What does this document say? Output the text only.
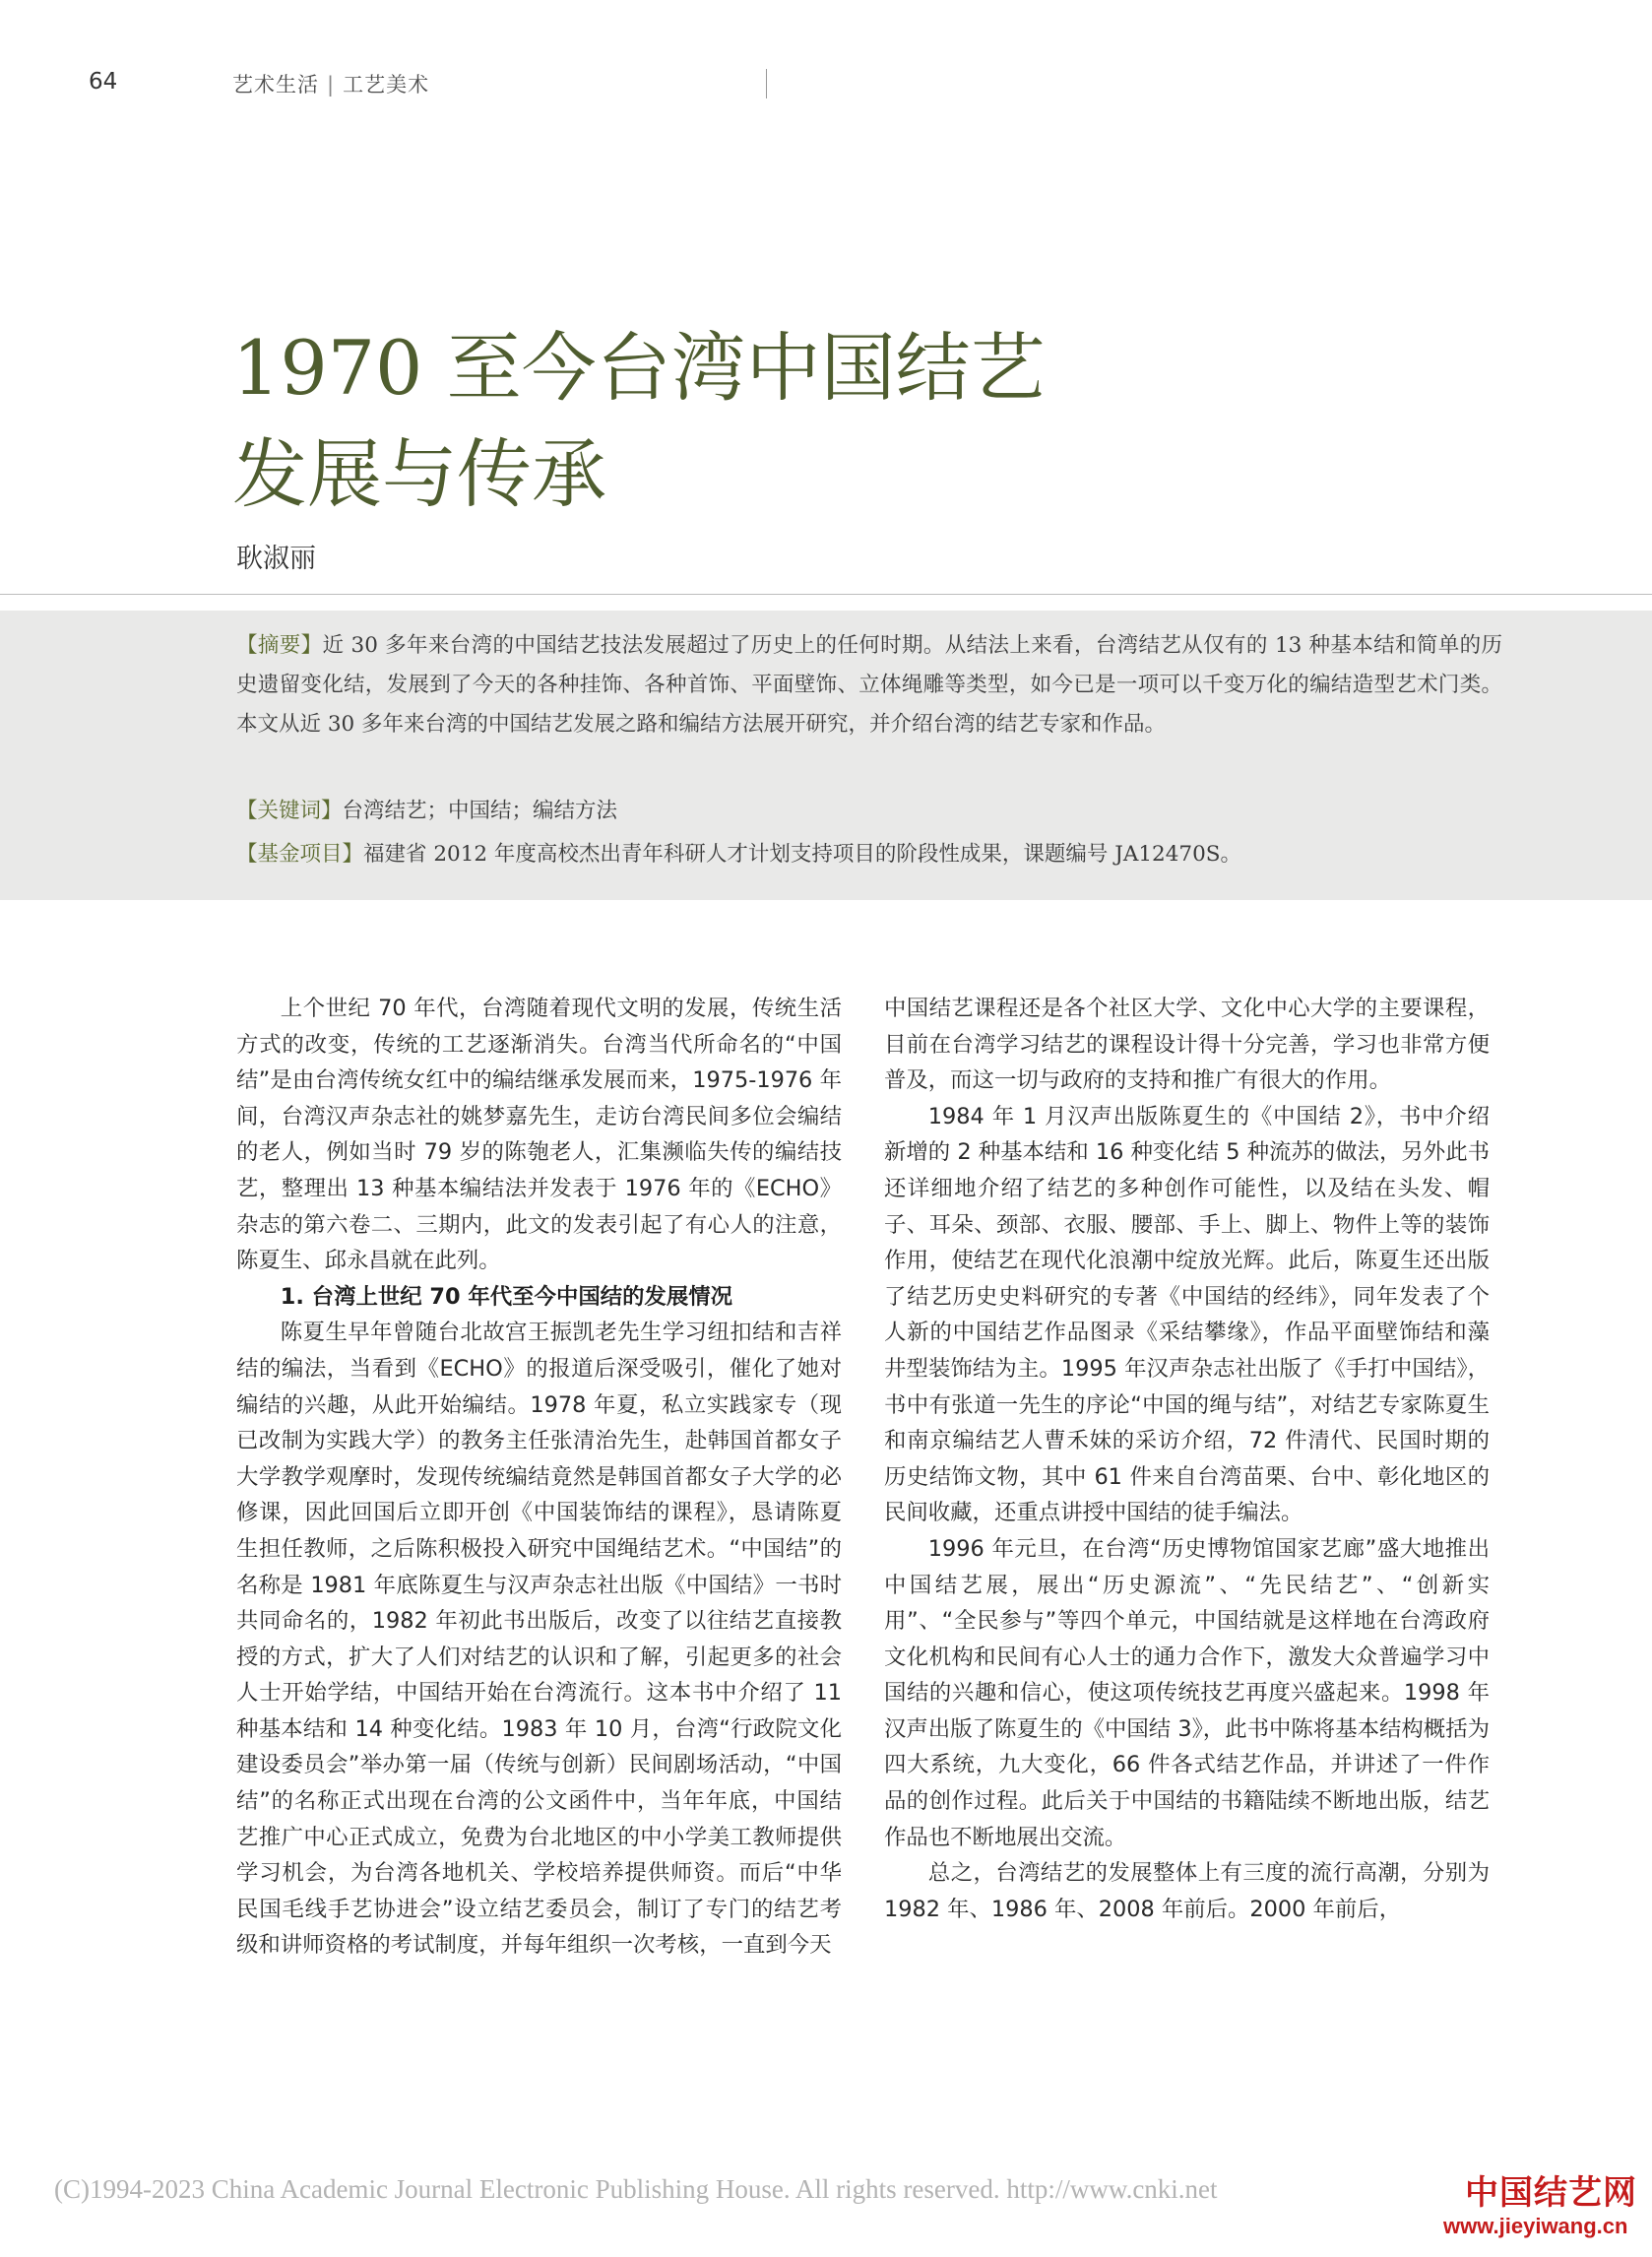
64	艺术生活 | 工艺美术
1970 至今台湾中国结艺
发展与传承
耿淑丽

【摘要】近 30 多年来台湾的中国结艺技法发展超过了历史上的任何时期。从结法上来看，台湾结艺从仅有的 13 种基本结和简单的历史遗留变化结，发展到了今天的各种挂饰、各种首饰、平面壁饰、立体绳雕等类型，如今已是一项可以千变万化的编结造型艺术门类。本文从近 30 多年来台湾的中国结艺发展之路和编结方法展开研究，并介绍台湾的结艺专家和作品。

【关键词】台湾结艺；中国结；编结方法

【基金项目】福建省 2012 年度高校杰出青年科研人才计划支持项目的阶段性成果，课题编号 JA12470S。

上个世纪 70 年代，台湾随着现代文明的发展，传统生活方式的改变，传统的工艺逐渐消失。台湾当代所命名的“中国结”是由台湾传统女红中的编结继承发展而来，1975-1976 年间，台湾汉声杂志社的姚梦嘉先生，走访台湾民间多位会编结的老人，例如当时 79 岁的陈匏老人，汇集濒临失传的编结技艺，整理出 13 种基本编结法并发表于 1976 年的《ECHO》杂志的第六卷二、三期内，此文的发表引起了有心人的注意，陈夏生、邱永昌就在此列。

1. 台湾上世纪 70 年代至今中国结的发展情况

陈夏生早年曾随台北故宫王振凯老先生学习纽扣结和吉祥结的编法，当看到《ECHO》的报道后深受吸引，催化了她对编结的兴趣，从此开始编结。1978 年夏，私立实践家专（现已改制为实践大学）的教务主任张清治先生，赴韩国首都女子大学教学观摩时，发现传统编结竟然是韩国首都女子大学的必修课，因此回国后立即开创《中国装饰结的课程》，恳请陈夏生担任教师，之后陈积极投入研究中国绳结艺术。“中国结”的名称是 1981 年底陈夏生与汉声杂志社出版《中国结》一书时共同命名的，1982 年初此书出版后，改变了以往结艺直接教授的方式，扩大了人们对结艺的认识和了解，引起更多的社会人士开始学结，中国结开始在台湾流行。这本书中介绍了 11 种基本结和 14 种变化结。1983 年 10 月，台湾“行政院文化建设委员会”举办第一届（传统与创新）民间剧场活动，“中国结”的名称正式出现在台湾的公文函件中，当年年底，中国结艺推广中心正式成立，免费为台北地区的中小学美工教师提供学习机会，为台湾各地机关、学校培养提供师资。而后“中华民国毛线手艺协进会”设立结艺委员会，制订了专门的结艺考级和讲师资格的考试制度，并每年组织一次考核，一直到今天

中国结艺课程还是各个社区大学、文化中心大学的主要课程，目前在台湾学习结艺的课程设计得十分完善，学习也非常方便普及，而这一切与政府的支持和推广有很大的作用。

1984 年 1 月汉声出版陈夏生的《中国结 2》，书中介绍新增的 2 种基本结和 16 种变化结 5 种流苏的做法，另外此书还详细地介绍了结艺的多种创作可能性，以及结在头发、帽子、耳朵、颈部、衣服、腰部、手上、脚上、物件上等的装饰作用，使结艺在现代化浪潮中绽放光辉。此后，陈夏生还出版了结艺历史史料研究的专著《中国结的经纬》，同年发表了个人新的中国结艺作品图录《采结攀缘》，作品平面壁饰结和藻井型装饰结为主。1995 年汉声杂志社出版了《手打中国结》，书中有张道一先生的序论“中国的绳与结”，对结艺专家陈夏生和南京编结艺人曹禾妹的采访介绍，72 件清代、民国时期的历史结饰文物，其中 61 件来自台湾苗栗、台中、彰化地区的民间收藏，还重点讲授中国结的徒手编法。

1996 年元旦，在台湾“历史博物馆国家艺廊”盛大地推出中国结艺展，展出“历史源流”、“先民结艺”、“创新实用”、“全民参与”等四个单元，中国结就是这样地在台湾政府文化机构和民间有心人士的通力合作下，激发大众普遍学习中国结的兴趣和信心，使这项传统技艺再度兴盛起来。1998 年汉声出版了陈夏生的《中国结 3》，此书中陈将基本结构概括为四大系统，九大变化，66 件各式结艺作品，并讲述了一件作品的创作过程。此后关于中国结的书籍陆续不断地出版，结艺作品也不断地展出交流。

总之，台湾结艺的发展整体上有三度的流行高潮，分别为 1982 年、1986 年、2008 年前后。2000 年前后，

(C)1994-2023 China Academic Journal Electronic Publishing House. All rights reserved. http://www.cnki.net	中国结艺网
www.jieyiwang.cn
